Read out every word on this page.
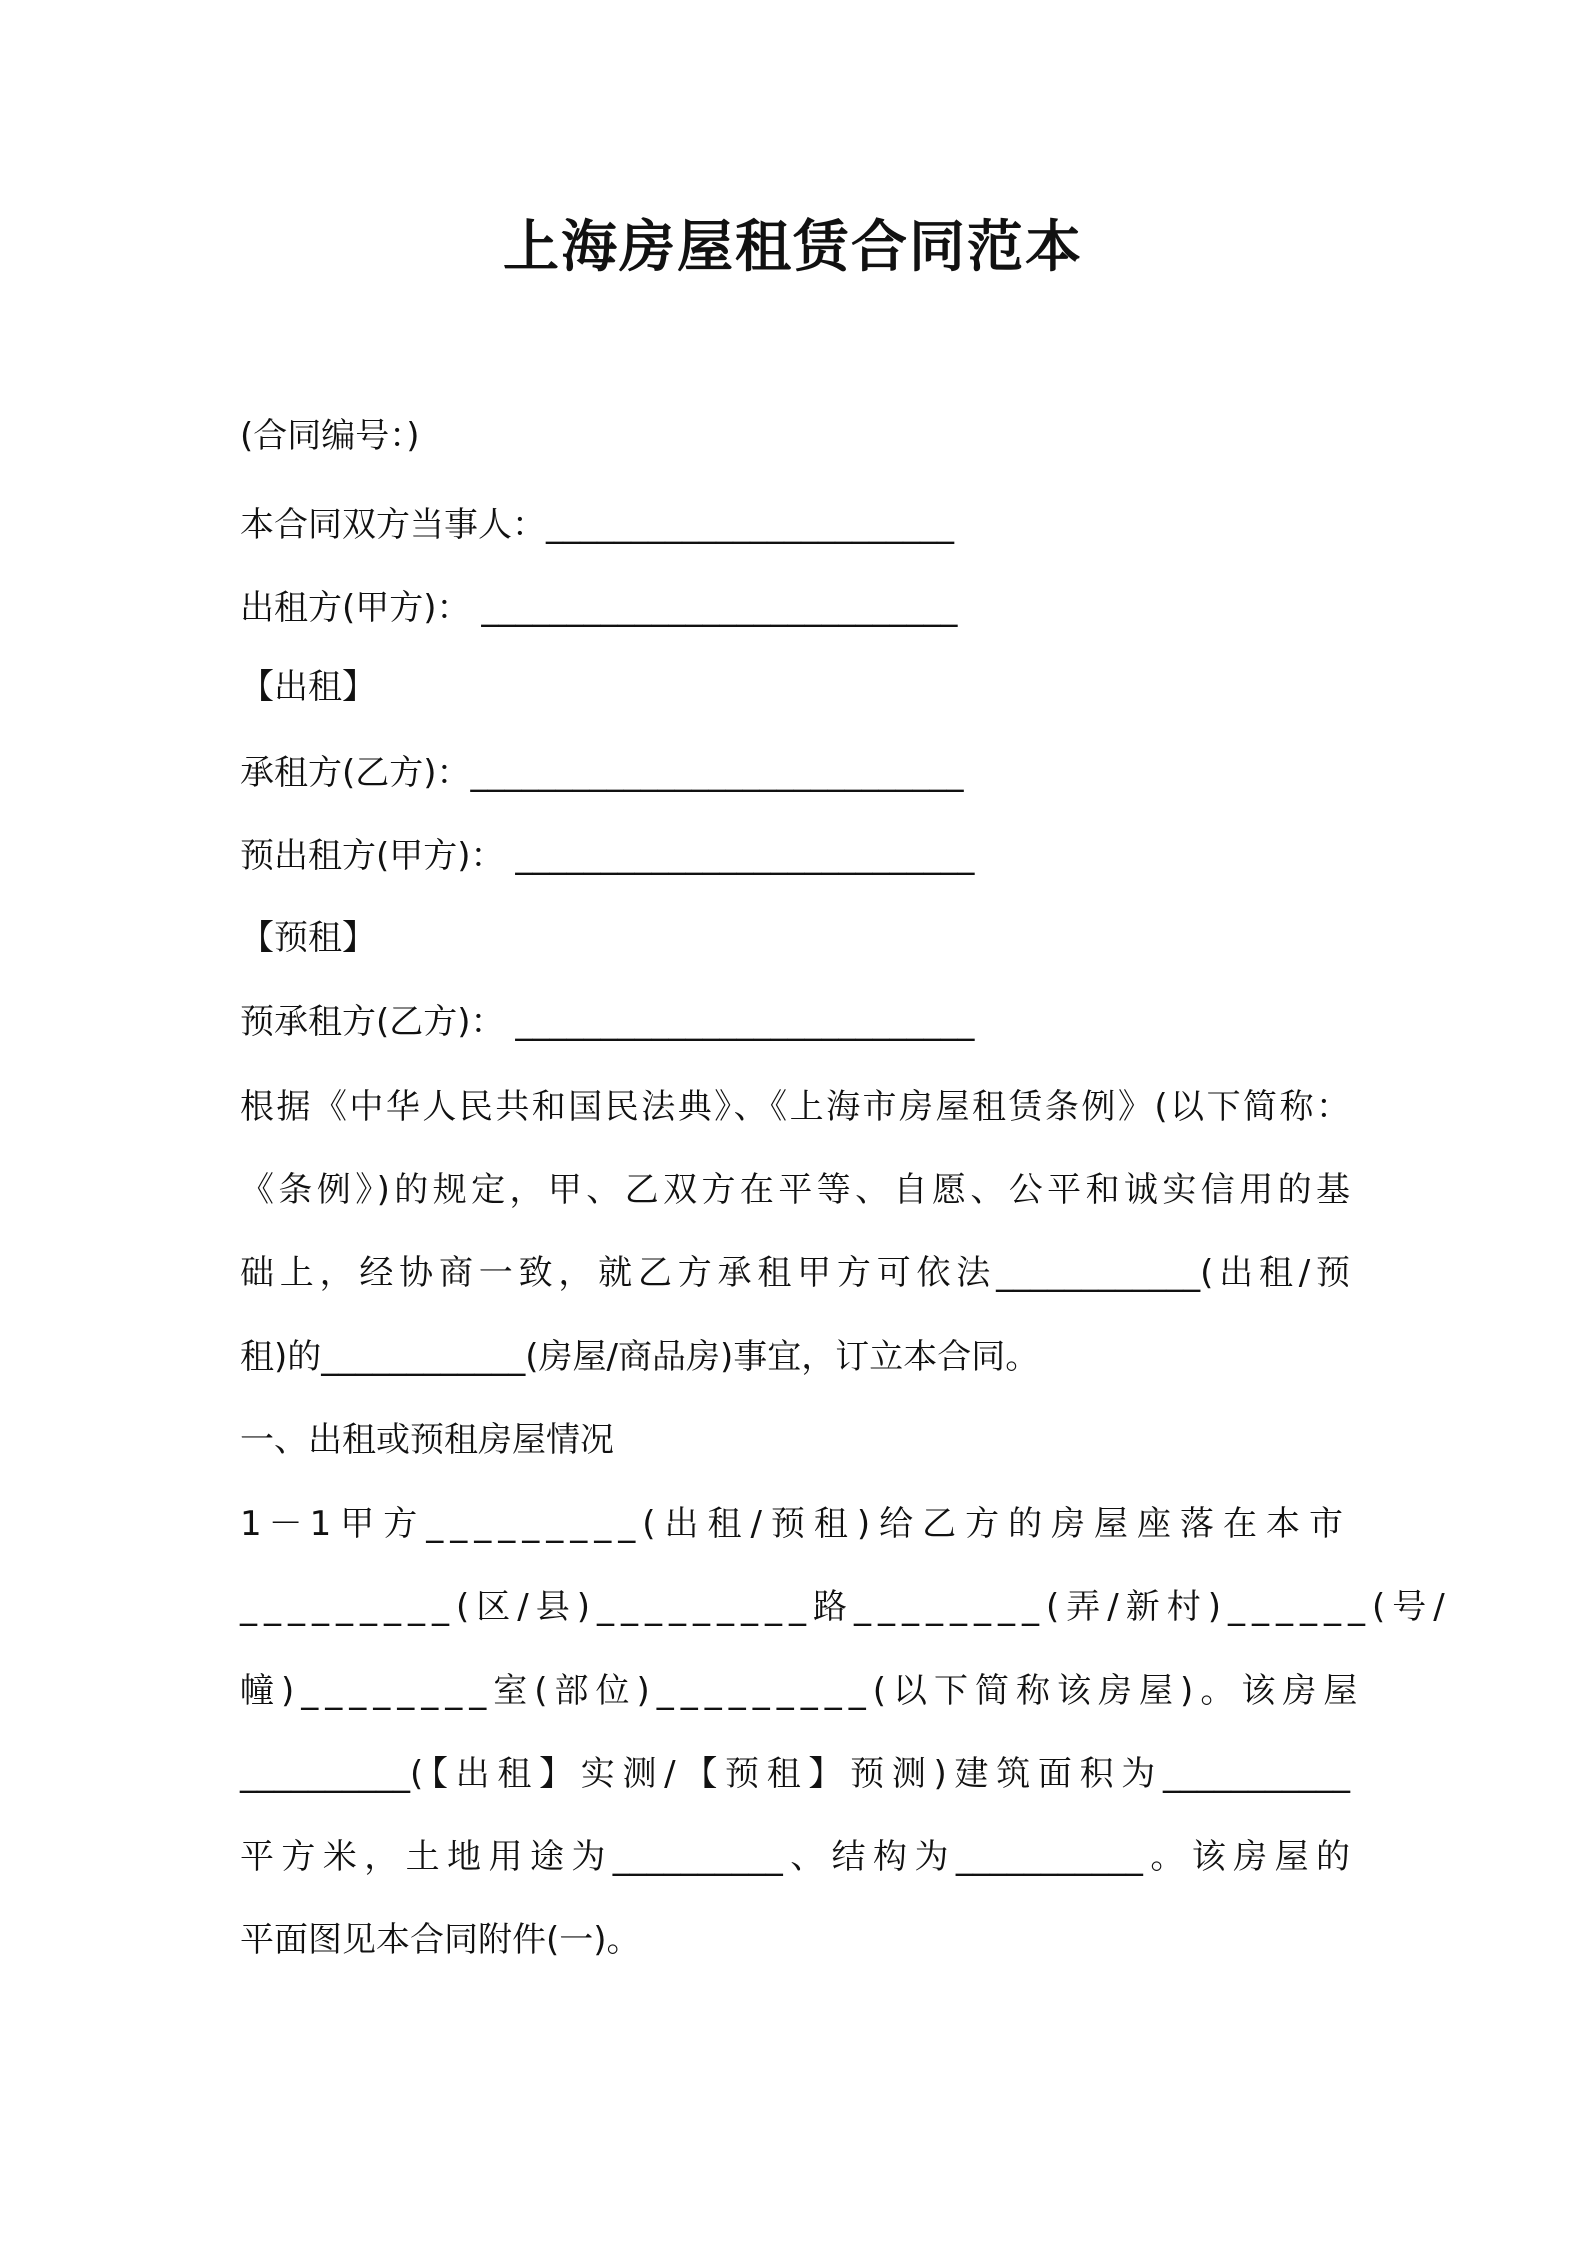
上海房屋租赁合同范本
(合同编号：)
本合同双方当事人：________________________
出租方(甲方)： ____________________________
【出租】
承租方(乙方)：_____________________________
预出租方(甲方)： ___________________________
【预租】
预承租方(乙方)： ___________________________
根据《中华人民共和国民法典》、《上海市房屋租赁条例》(以下简称：
《条例》)的规定，甲、乙双方在平等、自愿、公平和诚实信用的基
础上，经协商一致，就乙方承租甲方可依法____________(出租/预
租)的____________(房屋/商品房)事宜，订立本合同。
一、出租或预租房屋情况
1－1甲方_________(出租/预租)给乙方的房屋座落在本市
_________(区/县)_________路________(弄/新村)______(号/
幢)________室(部位)_________(以下简称该房屋)。该房屋
__________(【出租】实测/【预租】预测)建筑面积为___________
平方米，土地用途为__________、结构为___________。该房屋的
平面图见本合同附件(一)。
